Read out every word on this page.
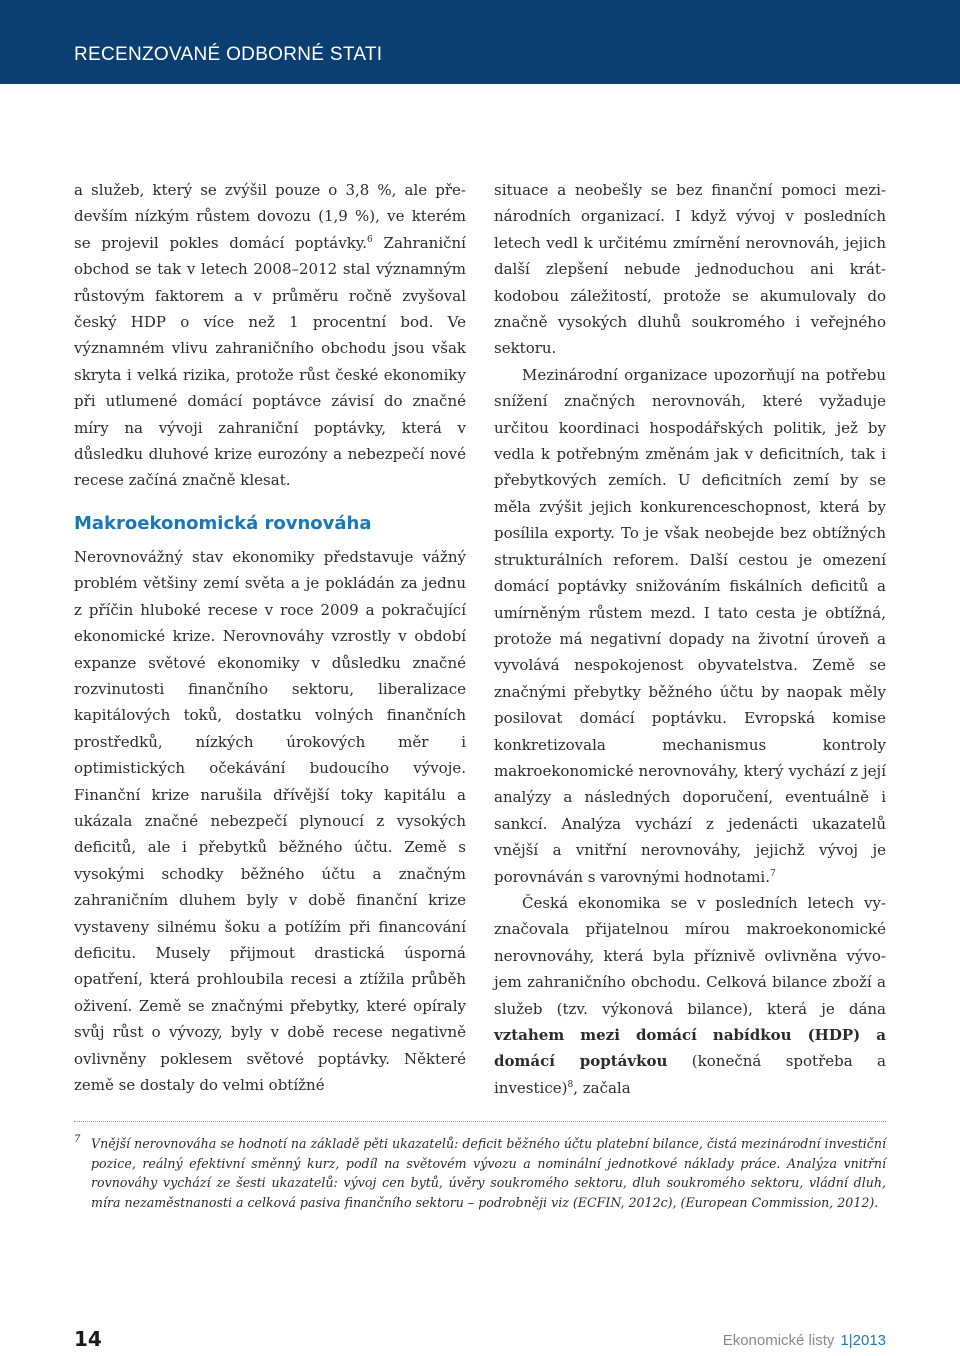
RECENZOVANÉ ODBORNÉ STATI

a služeb, který se zvýšil pouze o 3,8 %, ale především nízkým růstem dovozu (1,9 %), ve kterém se projevil pokles domácí poptávky.$^6$ Zahraniční obchod se tak v letech 2008–2012 stal významným růstovým faktorem a v průměru ročně zvyšoval český HDP o více než 1 procentní bod. Ve významném vlivu zahraničního obchodu jsou však skryta i velká rizika, protože růst české ekonomiky při utlumené domácí poptávce závisí do značné míry na vývoji zahraniční poptávky, která v důsledku dluhové krize eurozóny a nebezpečí nové recese začíná značně klesat.

Makroekonomická rovnováha

Nerovnovážný stav ekonomiky představuje vážný problém většiny zemí světa a je pokládán za jednu z příčin hluboké recese v roce 2009 a pokračující ekonomické krize. Nerovnováhy vzrostly v období expanze světové ekonomiky v důsledku značné rozvinutosti finančního sektoru, liberalizace kapitálových toků, dostatku volných finančních prostředků, nízkých úrokových měr i optimistických očekávání budoucího vývoje. Finanční krize narušila dřívější toky kapitálu a ukázala značné nebezpečí plynoucí z vysokých deficitů, ale i přebytků běžného účtu. Země s vysokými schodky běžného účtu a značným zahraničním dluhem byly v době finanční krize vystaveny silnému šoku a potížím při financování deficitu. Musely přijmout drastická úsporná opatření, která prohloubila recesi a ztížila průběh oživení. Země se značnými přebytky, které opíraly svůj růst o vývozy, byly v době recese negativně ovlivněny poklesem světové poptávky. Některé země se dostaly do velmi obtížné

situace a neobešly se bez finanční pomoci mezinárodních organizací. I když vývoj v posledních letech vedl k určitému zmírnění nerovnováh, jejich další zlepšení nebude jednoduchou ani krátkodobou záležitostí, protože se akumulovaly do značně vysokých dluhů soukromého i veřejného sektoru.

Mezinárodní organizace upozorňují na potřebu snížení značných nerovnováh, které vyžaduje určitou koordinaci hospodářských politik, jež by vedla k potřebným změnám jak v deficitních, tak i přebytkových zemích. U deficitních zemí by se měla zvýšit jejich konkurenceschopnost, která by posílila exporty. To je však neobejde bez obtížných strukturálních reforem. Další cestou je omezení domácí poptávky snižováním fiskálních deficitů a umírněným růstem mezd. I tato cesta je obtížná, protože má negativní dopady na životní úroveň a vyvolává nespokojenost obyvatelstva. Země se značnými přebytky běžného účtu by naopak měly posilovat domácí poptávku. Evropská komise konkretizovala mechanismus kontroly makroekonomické nerovnováhy, který vychází z její analýzy a následných doporučení, eventuálně i sankcí. Analýza vychází z jedenácti ukazatelů vnější a vnitřní nerovnováhy, jejichž vývoj je porovnáván s varovnými hodnotami.$^7$

Česká ekonomika se v posledních letech vyznačovala přijatelnou mírou makroekonomické nerovnováhy, která byla příznivě ovlivněna vývojem zahraničního obchodu. Celková bilance zboží a služeb (tzv. výkonová bilance), která je dána vztahem mezi domácí nabídkou (HDP) a domácí poptávkou (konečná spotřeba a investice)$^8$, začala

7 Vnější nerovnováha se hodnotí na základě pěti ukazatelů: deficit běžného účtu platební bilance, čistá mezinárodní investiční pozice, reálný efektivní směnný kurz, podíl na světovém vývozu a nominální jednotkové náklady práce. Analýza vnitřní rovnováhy vychází ze šesti ukazatelů: vývoj cen bytů, úvěry soukromého sektoru, dluh soukromého sektoru, vládní dluh, míra nezaměstnanosti a celková pasiva finančního sektoru – podrobněji viz (ECFIN, 2012c), (European Commission, 2012).
14	Ekonomické listy 1|2013
